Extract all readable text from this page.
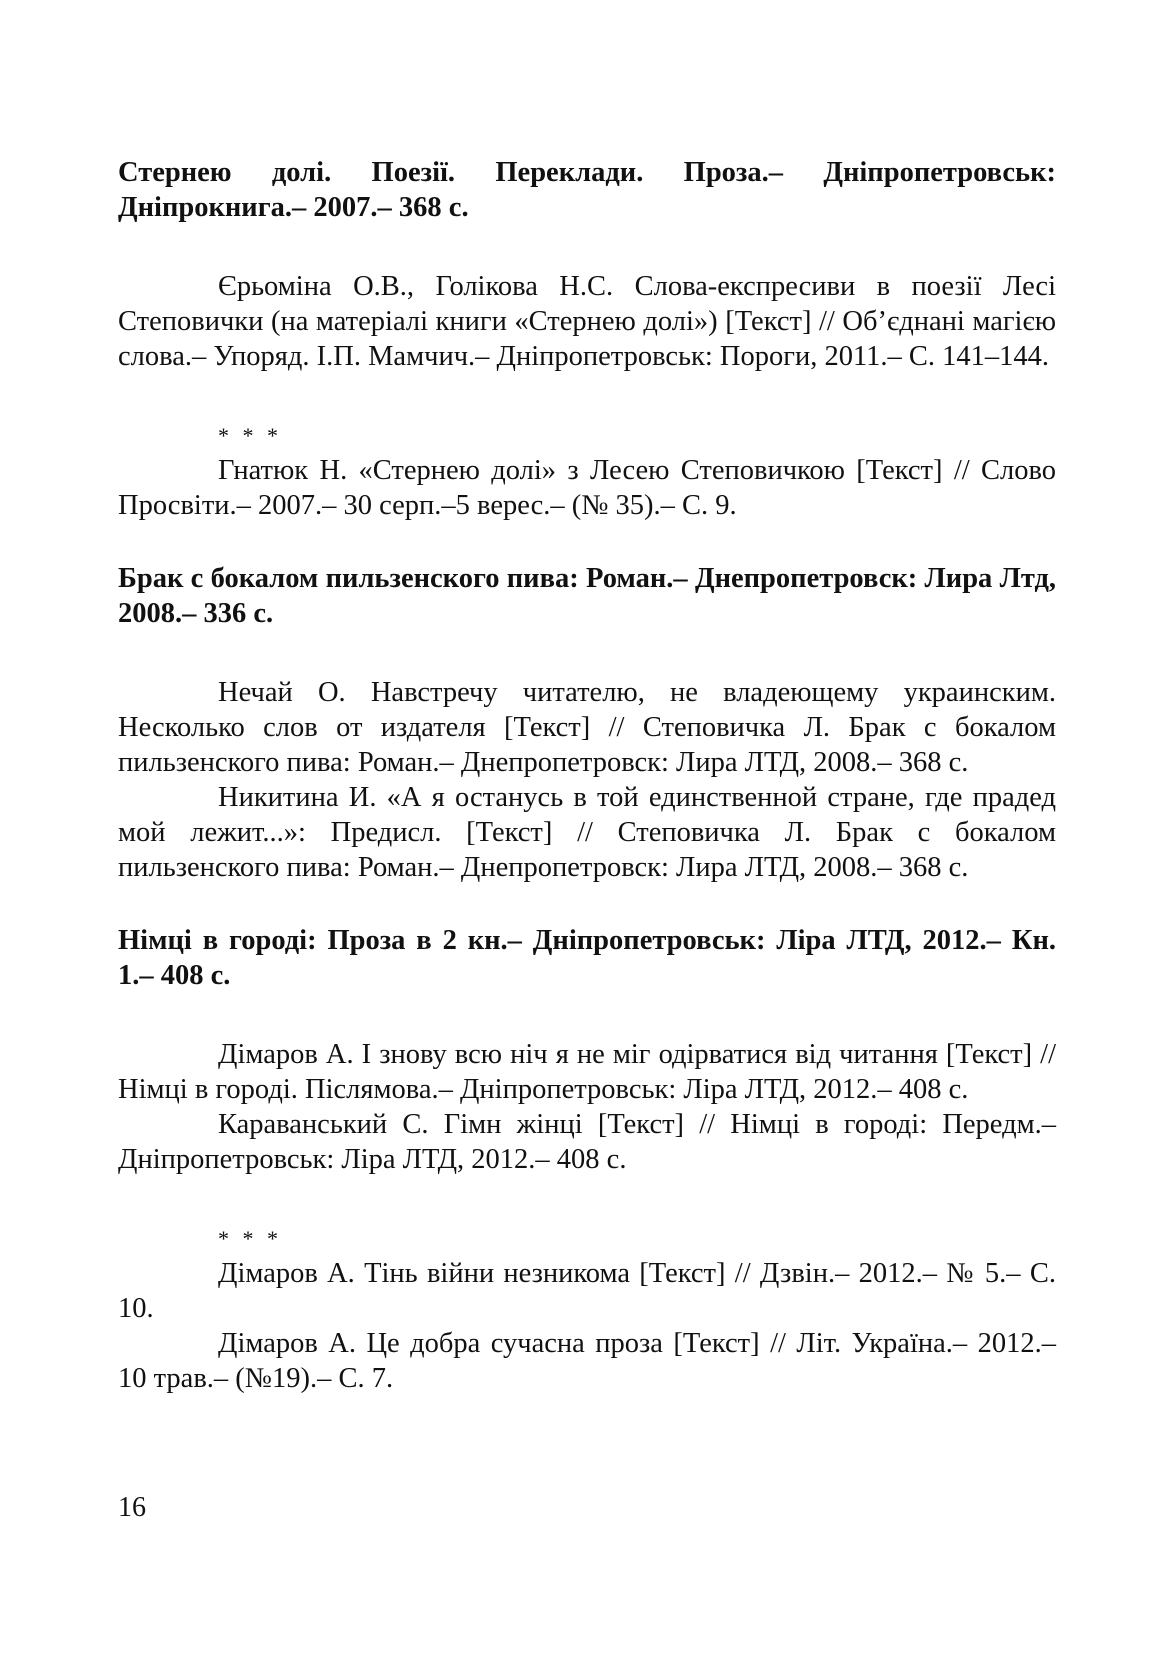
Стернею долі. Поезії. Переклади. Проза.– Дніпропетровськ: Дніпрокнига.– 2007.– 368 с.

Єрьоміна О.В., Голікова Н.С. Слова-експресиви в поезії Лесі Степовички (на матеріалі книги «Стернею долі») [Текст] // Об’єднані магією слова.– Упоряд. І.П. Мамчич.– Дніпропетровськ: Пороги, 2011.– С. 141–144.

* * *

Гнатюк Н. «Стернею долі» з Лесею Степовичкою [Текст] // Слово Просвіти.– 2007.– 30 серп.–5 верес.– (№ 35).– С. 9.

Брак с бокалом пильзенского пива: Роман.– Днепропетровск: Лира Лтд, 2008.– 336 с.

Нечай О. Навстречу читателю, не владеющему украинским. Несколько слов от издателя [Текст] // Степовичка Л. Брак с бокалом пильзенского пива: Роман.– Днепропетровск: Лира ЛТД, 2008.– 368 с.

Никитина И. «А я останусь в той единственной стране, где прадед мой лежит...»: Предисл. [Текст] // Степовичка Л. Брак с бокалом пильзенского пива: Роман.– Днепропетровск: Лира ЛТД, 2008.– 368 с.

Німці в городі: Проза в 2 кн.– Дніпропетровськ: Ліра ЛТД, 2012.– Кн. 1.– 408 с.

Дімаров А. І знову всю ніч я не міг одірватися від читання [Текст] // Німці в городі. Післямова.– Дніпропетровськ: Ліра ЛТД, 2012.– 408 с.

Караванський С. Гімн жінці [Текст] // Німці в городі: Передм.– Дніпропетровськ: Ліра ЛТД, 2012.– 408 с.

* * *

Дімаров А. Тінь війни незникома [Текст] // Дзвін.– 2012.– № 5.– С. 10.

Дімаров А. Це добра сучасна проза [Текст] // Літ. Україна.– 2012.– 10 трав.– (№19).– С. 7.

16
